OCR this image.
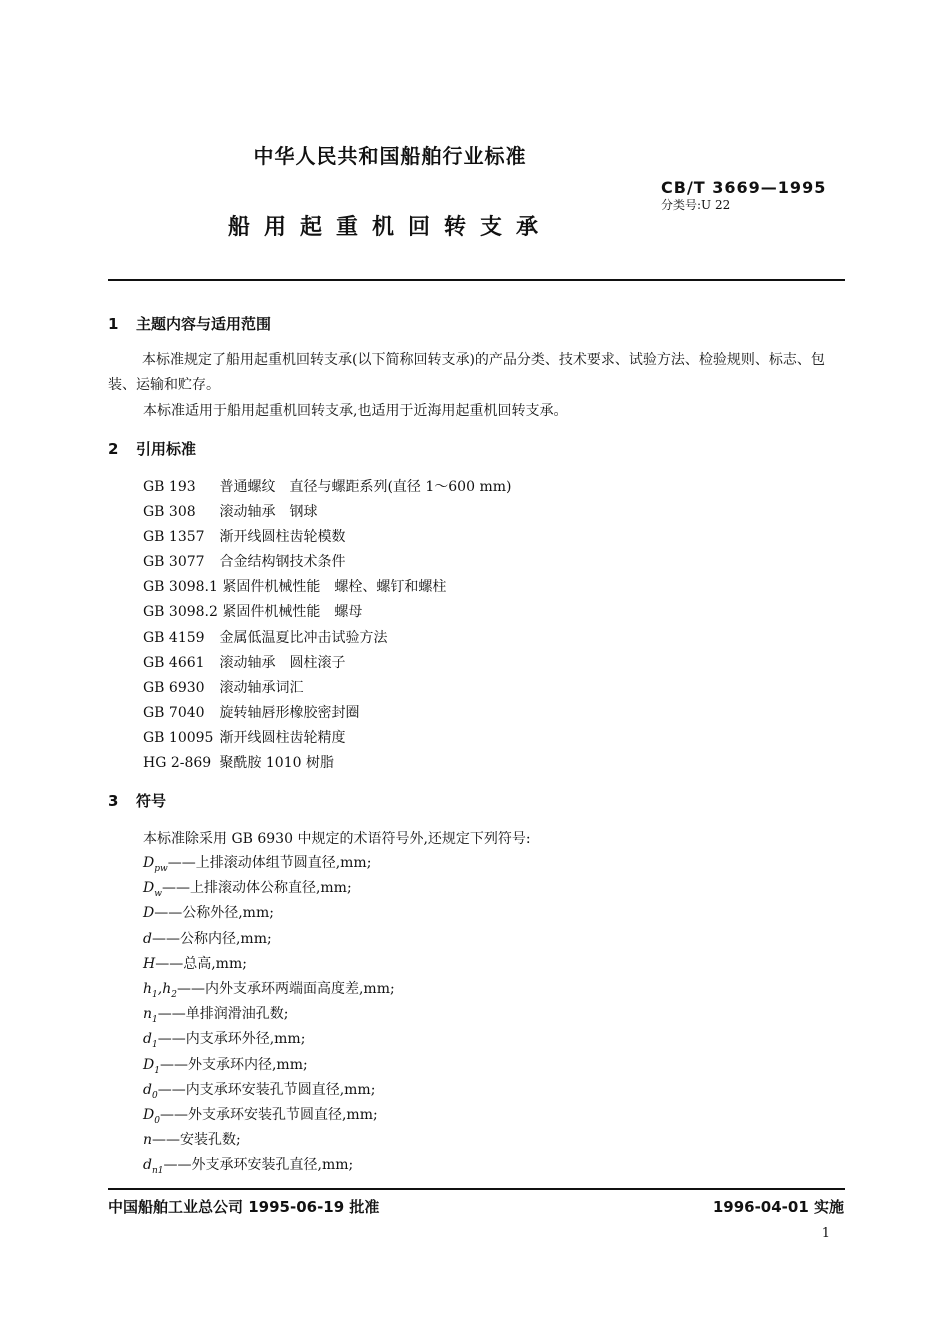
中华人民共和国船舶行业标准
CB/T 3669—1995
分类号:U 22
船用起重机回转支承
1 主题内容与适用范围
本标准规定了船用起重机回转支承(以下简称回转支承)的产品分类、技术要求、试验方法、检验规则、标志、包装、运输和贮存。
本标准适用于船用起重机回转支承,也适用于近海用起重机回转支承。
2 引用标准
GB 193 普通螺纹　直径与螺距系列(直径 1～600 mm)
GB 308 滚动轴承　钢球
GB 1357 渐开线圆柱齿轮模数
GB 3077 合金结构钢技术条件
GB 3098.1 紧固件机械性能　螺栓、螺钉和螺柱
GB 3098.2 紧固件机械性能　螺母
GB 4159 金属低温夏比冲击试验方法
GB 4661 滚动轴承　圆柱滚子
GB 6930 滚动轴承词汇
GB 7040 旋转轴唇形橡胶密封圈
GB 10095 渐开线圆柱齿轮精度
HG 2-869 聚酰胺 1010 树脂
3 符号
本标准除采用 GB 6930 中规定的术语符号外,还规定下列符号:
$D_{pw}——$上排滚动体组节圆直径,mm;
$D_w——$上排滚动体公称直径,mm;
D——公称外径,mm;
d——公称内径,mm;
H——总高,mm;
$h_1,h_2——$内外支承环两端面高度差,mm;
$n_1——$单排润滑油孔数;
$d_1——$内支承环外径,mm;
$D_1——$外支承环内径,mm;
$d_0——$内支承环安装孔节圆直径,mm;
$D_0——$外支承环安装孔节圆直径,mm;
n——安装孔数;
$d_{n1}——$外支承环安装孔直径,mm;
中国船舶工业总公司 1995-06-19 批准	1996-04-01 实施
1
